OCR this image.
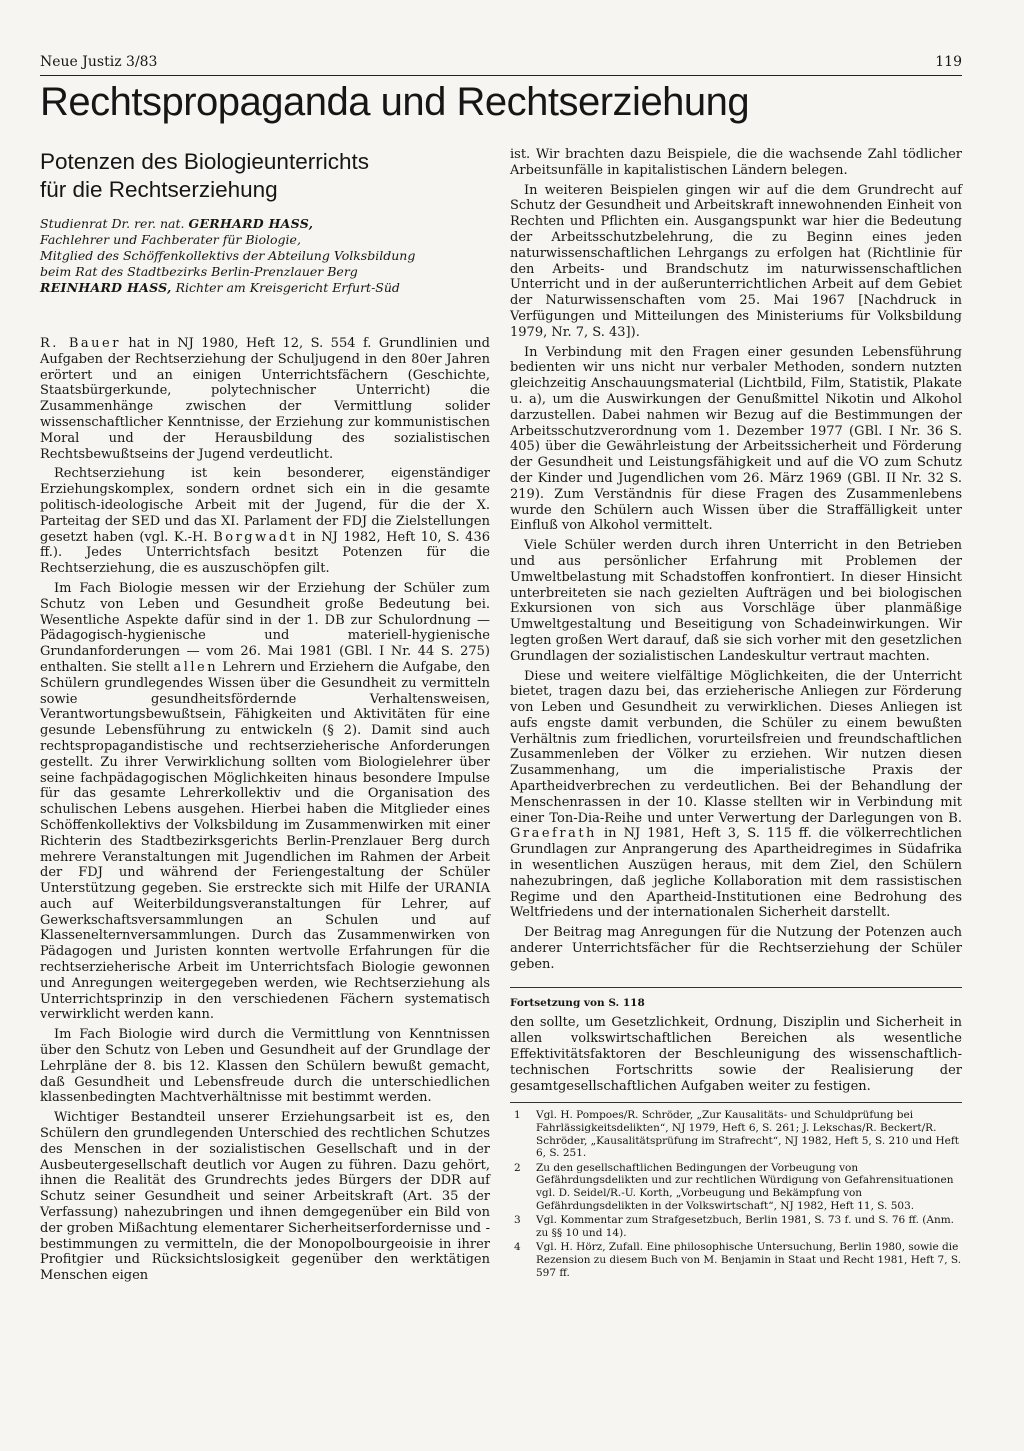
Neue Justiz 3/83	119
Rechtspropaganda und Rechtserziehung
Potenzen des Biologieunterrichts
für die Rechtserziehung
Studienrat Dr. rer. nat. GERHARD HASS,
Fachlehrer und Fachberater für Biologie,
Mitglied des Schöffenkollektivs der Abteilung Volksbildung
beim Rat des Stadtbezirks Berlin-Prenzlauer Berg
REINHARD HASS, Richter am Kreisgericht Erfurt-Süd

R. Bauer hat in NJ 1980, Heft 12, S. 554 f. Grundlinien und Aufgaben der Rechtserziehung der Schuljugend in den 80er Jahren erörtert und an einigen Unterrichtsfächern (Geschichte, Staatsbürgerkunde, polytechnischer Unterricht) die Zusammenhänge zwischen der Vermittlung solider wissenschaftlicher Kenntnisse, der Erziehung zur kommunistischen Moral und der Herausbildung des sozialistischen Rechtsbewußtseins der Jugend verdeutlicht.

Rechtserziehung ist kein besonderer, eigenständiger Erziehungskomplex, sondern ordnet sich ein in die gesamte politisch-ideologische Arbeit mit der Jugend, für die der X. Parteitag der SED und das XI. Parlament der FDJ die Zielstellungen gesetzt haben (vgl. K.-H. Borgwadt in NJ 1982, Heft 10, S. 436 ff.). Jedes Unterrichtsfach besitzt Potenzen für die Rechtserziehung, die es auszuschöpfen gilt.

Im Fach Biologie messen wir der Erziehung der Schüler zum Schutz von Leben und Gesundheit große Bedeutung bei. Wesentliche Aspekte dafür sind in der 1. DB zur Schulordnung — Pädagogisch-hygienische und materiell-hygienische Grundanforderungen — vom 26. Mai 1981 (GBl. I Nr. 44 S. 275) enthalten. Sie stellt allen Lehrern und Erziehern die Aufgabe, den Schülern grundlegendes Wissen über die Gesundheit zu vermitteln sowie gesundheitsfördernde Verhaltensweisen, Verantwortungsbewußtsein, Fähigkeiten und Aktivitäten für eine gesunde Lebensführung zu entwickeln (§ 2). Damit sind auch rechtspropagandistische und rechtserzieherische Anforderungen gestellt. Zu ihrer Verwirklichung sollten vom Biologielehrer über seine fachpädagogischen Möglichkeiten hinaus besondere Impulse für das gesamte Lehrerkollektiv und die Organisation des schulischen Lebens ausgehen. Hierbei haben die Mitglieder eines Schöffenkollektivs der Volksbildung im Zusammenwirken mit einer Richterin des Stadtbezirksgerichts Berlin-Prenzlauer Berg durch mehrere Veranstaltungen mit Jugendlichen im Rahmen der Arbeit der FDJ und während der Feriengestaltung der Schüler Unterstützung gegeben. Sie erstreckte sich mit Hilfe der URANIA auch auf Weiterbildungsveranstaltungen für Lehrer, auf Gewerkschaftsversammlungen an Schulen und auf Klassenelternversammlungen. Durch das Zusammenwirken von Pädagogen und Juristen konnten wertvolle Erfahrungen für die rechtserzieherische Arbeit im Unterrichtsfach Biologie gewonnen und Anregungen weitergegeben werden, wie Rechtserziehung als Unterrichtsprinzip in den verschiedenen Fächern systematisch verwirklicht werden kann.

Im Fach Biologie wird durch die Vermittlung von Kenntnissen über den Schutz von Leben und Gesundheit auf der Grundlage der Lehrpläne der 8. bis 12. Klassen den Schülern bewußt gemacht, daß Gesundheit und Lebensfreude durch die unterschiedlichen klassenbedingten Machtverhältnisse mit bestimmt werden.

Wichtiger Bestandteil unserer Erziehungsarbeit ist es, den Schülern den grundlegenden Unterschied des rechtlichen Schutzes des Menschen in der sozialistischen Gesellschaft und in der Ausbeutergesellschaft deutlich vor Augen zu führen. Dazu gehört, ihnen die Realität des Grundrechts jedes Bürgers der DDR auf Schutz seiner Gesundheit und seiner Arbeitskraft (Art. 35 der Verfassung) nahezubringen und ihnen demgegenüber ein Bild von der groben Mißachtung elementarer Sicherheitserfordernisse und -bestimmungen zu vermitteln, die der Monopolbourgeoisie in ihrer Profitgier und Rücksichtslosigkeit gegenüber den werktätigen Menschen eigen

ist. Wir brachten dazu Beispiele, die die wachsende Zahl tödlicher Arbeitsunfälle in kapitalistischen Ländern belegen.

In weiteren Beispielen gingen wir auf die dem Grundrecht auf Schutz der Gesundheit und Arbeitskraft innewohnenden Einheit von Rechten und Pflichten ein. Ausgangspunkt war hier die Bedeutung der Arbeitsschutzbelehrung, die zu Beginn eines jeden naturwissenschaftlichen Lehrgangs zu erfolgen hat (Richtlinie für den Arbeits- und Brandschutz im naturwissenschaftlichen Unterricht und in der außerunterrichtlichen Arbeit auf dem Gebiet der Naturwissenschaften vom 25. Mai 1967 [Nachdruck in Verfügungen und Mitteilungen des Ministeriums für Volksbildung 1979, Nr. 7, S. 43]).

In Verbindung mit den Fragen einer gesunden Lebensführung bedienten wir uns nicht nur verbaler Methoden, sondern nutzten gleichzeitig Anschauungsmaterial (Lichtbild, Film, Statistik, Plakate u. a), um die Auswirkungen der Genußmittel Nikotin und Alkohol darzustellen. Dabei nahmen wir Bezug auf die Bestimmungen der Arbeitsschutzverordnung vom 1. Dezember 1977 (GBl. I Nr. 36 S. 405) über die Gewährleistung der Arbeitssicherheit und Förderung der Gesundheit und Leistungsfähigkeit und auf die VO zum Schutz der Kinder und Jugendlichen vom 26. März 1969 (GBl. II Nr. 32 S. 219). Zum Verständnis für diese Fragen des Zusammenlebens wurde den Schülern auch Wissen über die Straffälligkeit unter Einfluß von Alkohol vermittelt.

Viele Schüler werden durch ihren Unterricht in den Betrieben und aus persönlicher Erfahrung mit Problemen der Umweltbelastung mit Schadstoffen konfrontiert. In dieser Hinsicht unterbreiteten sie nach gezielten Aufträgen und bei biologischen Exkursionen von sich aus Vorschläge über planmäßige Umweltgestaltung und Beseitigung von Schadeinwirkungen. Wir legten großen Wert darauf, daß sie sich vorher mit den gesetzlichen Grundlagen der sozialistischen Landeskultur vertraut machten.

Diese und weitere vielfältige Möglichkeiten, die der Unterricht bietet, tragen dazu bei, das erzieherische Anliegen zur Förderung von Leben und Gesundheit zu verwirklichen. Dieses Anliegen ist aufs engste damit verbunden, die Schüler zu einem bewußten Verhältnis zum friedlichen, vorurteilsfreien und freundschaftlichen Zusammenleben der Völker zu erziehen. Wir nutzen diesen Zusammenhang, um die imperialistische Praxis der Apartheidverbrechen zu verdeutlichen. Bei der Behandlung der Menschenrassen in der 10. Klasse stellten wir in Verbindung mit einer Ton-Dia-Reihe und unter Verwertung der Darlegungen von B. Graefrath in NJ 1981, Heft 3, S. 115 ff. die völkerrechtlichen Grundlagen zur Anprangerung des Apartheidregimes in Südafrika in wesentlichen Auszügen heraus, mit dem Ziel, den Schülern nahezubringen, daß jegliche Kollaboration mit dem rassistischen Regime und den Apartheid-Institutionen eine Bedrohung des Weltfriedens und der internationalen Sicherheit darstellt.

Der Beitrag mag Anregungen für die Nutzung der Potenzen auch anderer Unterrichtsfächer für die Rechtserziehung der Schüler geben.

Fortsetzung von S. 118

den sollte, um Gesetzlichkeit, Ordnung, Disziplin und Sicherheit in allen volkswirtschaftlichen Bereichen als wesentliche Effektivitätsfaktoren der Beschleunigung des wissenschaftlich-technischen Fortschritts sowie der Realisierung der gesamtgesellschaftlichen Aufgaben weiter zu festigen.

1	Vgl. H. Pompoes/R. Schröder, „Zur Kausalitäts- und Schuldprüfung bei Fahrlässigkeitsdelikten“, NJ 1979, Heft 6, S. 261; J. Lekschas/R. Beckert/R. Schröder, „Kausalitätsprüfung im Strafrecht“, NJ 1982, Heft 5, S. 210 und Heft 6, S. 251.
2	Zu den gesellschaftlichen Bedingungen der Vorbeugung von Gefährdungsdelikten und zur rechtlichen Würdigung von Gefahrensituationen vgl. D. Seidel/R.-U. Korth, „Vorbeugung und Bekämpfung von Gefährdungsdelikten in der Volkswirtschaft“, NJ 1982, Heft 11, S. 503.
3	Vgl. Kommentar zum Strafgesetzbuch, Berlin 1981, S. 73 f. und S. 76 ff. (Anm. zu §§ 10 und 14).
4	Vgl. H. Hörz, Zufall. Eine philosophische Untersuchung, Berlin 1980, sowie die Rezension zu diesem Buch von M. Benjamin in Staat und Recht 1981, Heft 7, S. 597 ff.
